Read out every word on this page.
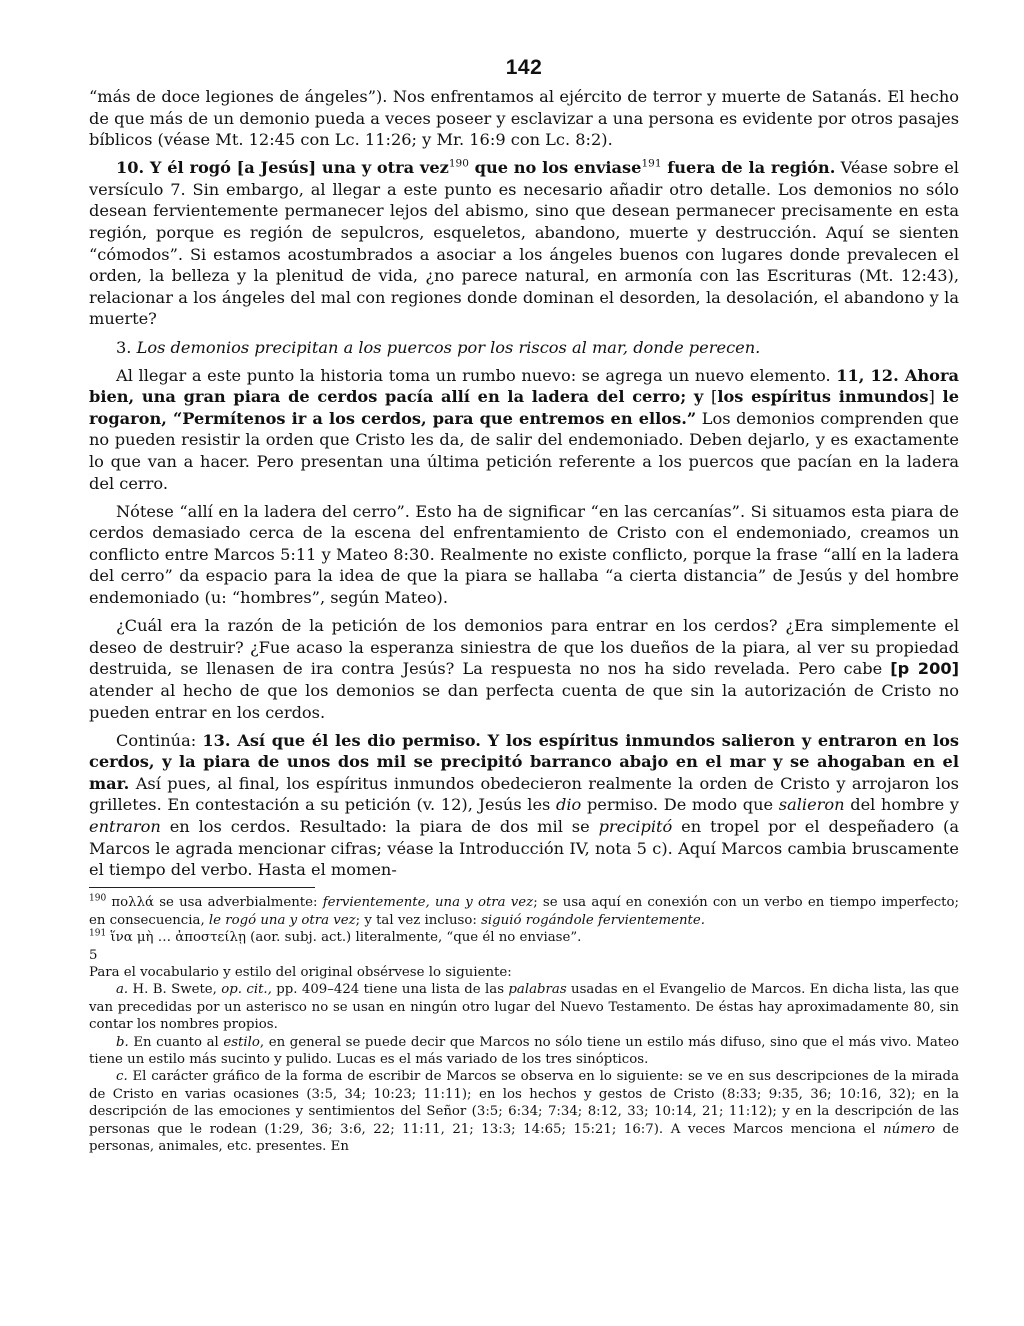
142

“más de doce legiones de ángeles”). Nos enfrentamos al ejército de terror y muerte de Satanás. El hecho de que más de un demonio pueda a veces poseer y esclavizar a una persona es evidente por otros pasajes bíblicos (véase Mt. 12:45 con Lc. 11:26; y Mr. 16:9 con Lc. 8:2).

10. Y él rogó [a Jesús] una y otra vez$^{190}$ que no los enviase$^{191}$ fuera de la región. Véase sobre el versículo 7. Sin embargo, al llegar a este punto es necesario añadir otro detalle. Los demonios no sólo desean fervientemente permanecer lejos del abismo, sino que desean permanecer precisamente en esta región, porque es región de sepulcros, esqueletos, abandono, muerte y destrucción. Aquí se sienten “cómodos”. Si estamos acostumbrados a asociar a los ángeles buenos con lugares donde prevalecen el orden, la belleza y la plenitud de vida, ¿no parece natural, en armonía con las Escrituras (Mt. 12:43), relacionar a los ángeles del mal con regiones donde dominan el desorden, la desolación, el abandono y la muerte?

3. Los demonios precipitan a los puercos por los riscos al mar, donde perecen.

Al llegar a este punto la historia toma un rumbo nuevo: se agrega un nuevo elemento. 11, 12. Ahora bien, una gran piara de cerdos pacía allí en la ladera del cerro; y [los espíritus inmundos] le rogaron, “Permítenos ir a los cerdos, para que entremos en ellos.” Los demonios comprenden que no pueden resistir la orden que Cristo les da, de salir del endemoniado. Deben dejarlo, y es exactamente lo que van a hacer. Pero presentan una última petición referente a los puercos que pacían en la ladera del cerro.

Nótese “allí en la ladera del cerro”. Esto ha de significar “en las cercanías”. Si situamos esta piara de cerdos demasiado cerca de la escena del enfrentamiento de Cristo con el endemoniado, creamos un conflicto entre Marcos 5:11 y Mateo 8:30. Realmente no existe conflicto, porque la frase “allí en la ladera del cerro” da espacio para la idea de que la piara se hallaba “a cierta distancia” de Jesús y del hombre endemoniado (u: “hombres”, según Mateo).

¿Cuál era la razón de la petición de los demonios para entrar en los cerdos? ¿Era simplemente el deseo de destruir? ¿Fue acaso la esperanza siniestra de que los dueños de la piara, al ver su propiedad destruida, se llenasen de ira contra Jesús? La respuesta no nos ha sido revelada. Pero cabe [p 200] atender al hecho de que los demonios se dan perfecta cuenta de que sin la autorización de Cristo no pueden entrar en los cerdos.

Continúa: 13. Así que él les dio permiso. Y los espíritus inmundos salieron y entraron en los cerdos, y la piara de unos dos mil se precipitó barranco abajo en el mar y se ahogaban en el mar. Así pues, al final, los espíritus inmundos obedecieron realmente la orden de Cristo y arrojaron los grilletes. En contestación a su petición (v. 12), Jesús les dio permiso. De modo que salieron del hombre y entraron en los cerdos. Resultado: la piara de dos mil se precipitó en tropel por el despeñadero (a Marcos le agrada mencionar cifras; véase la Introducción IV, nota 5 c). Aquí Marcos cambia bruscamente el tiempo del verbo. Hasta el momen-

$^{190}$ πολλά se usa adverbialmente: fervientemente, una y otra vez; se usa aquí en conexión con un verbo en tiempo imperfecto; en consecuencia, le rogó una y otra vez; y tal vez incluso: siguió rogándole fervientemente.

$^{191}$ ἵνα μὴ … ἀποστείλῃ (aor. subj. act.) literalmente, “que él no enviase”.

5

Para el vocabulario y estilo del original obsérvese lo siguiente:

a. H. B. Swete, op. cit., pp. 409–424 tiene una lista de las palabras usadas en el Evangelio de Marcos. En dicha lista, las que van precedidas por un asterisco no se usan en ningún otro lugar del Nuevo Testamento. De éstas hay aproximadamente 80, sin contar los nombres propios.

b. En cuanto al estilo, en general se puede decir que Marcos no sólo tiene un estilo más difuso, sino que el más vivo. Mateo tiene un estilo más sucinto y pulido. Lucas es el más variado de los tres sinópticos.

c. El carácter gráfico de la forma de escribir de Marcos se observa en lo siguiente: se ve en sus descripciones de la mirada de Cristo en varias ocasiones (3:5, 34; 10:23; 11:11); en los hechos y gestos de Cristo (8:33; 9:35, 36; 10:16, 32); en la descripción de las emociones y sentimientos del Señor (3:5; 6:34; 7:34; 8:12, 33; 10:14, 21; 11:12); y en la descripción de las personas que le rodean (1:29, 36; 3:6, 22; 11:11, 21; 13:3; 14:65; 15:21; 16:7). A veces Marcos menciona el número de personas, animales, etc. presentes. En
